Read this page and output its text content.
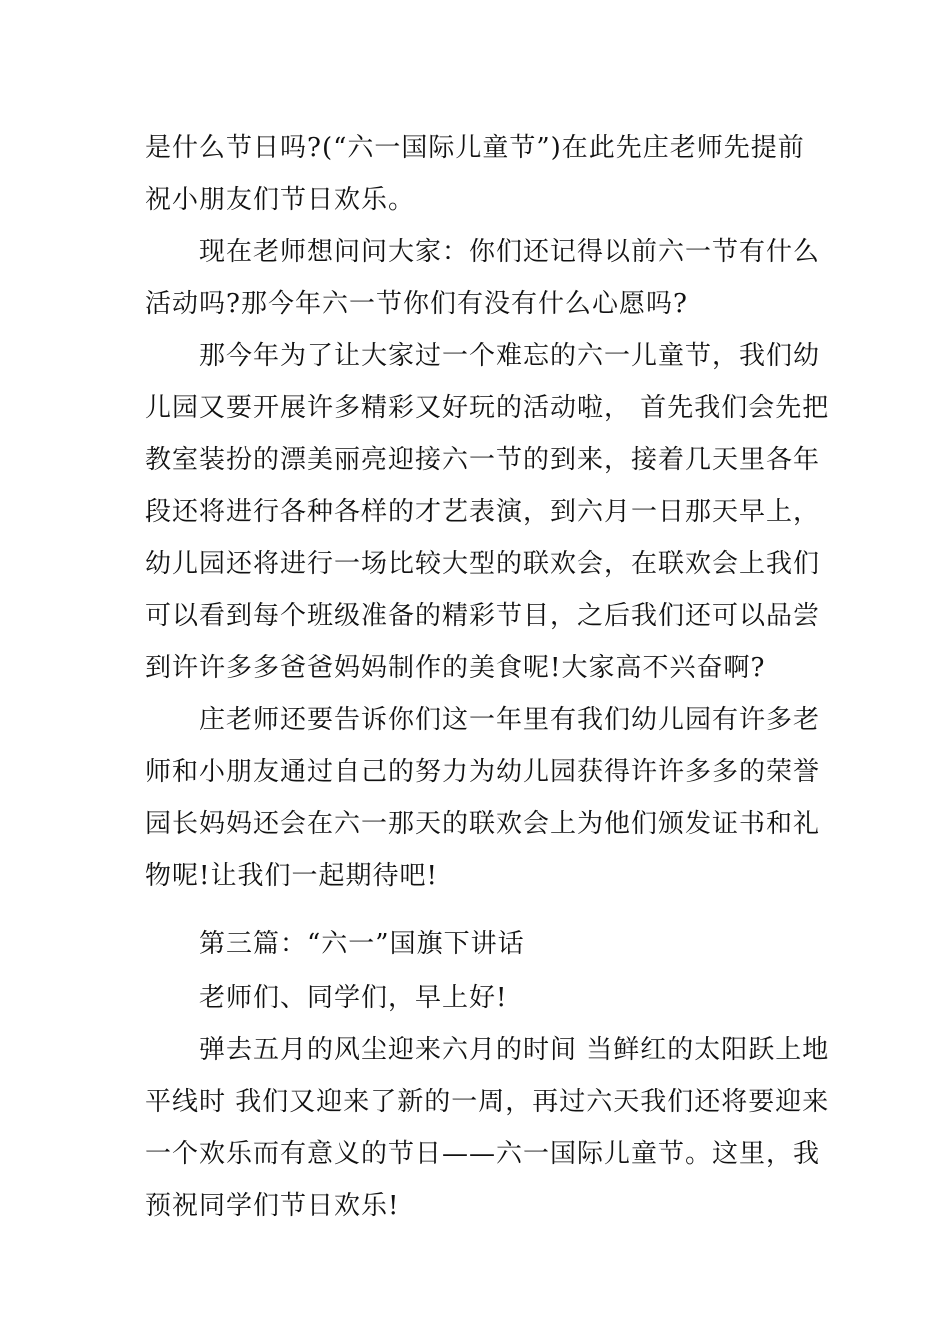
是什么节日吗?(“六一国际儿童节”)在此先庄老师先提前
祝小朋友们节日欢乐。
现在老师想问问大家：你们还记得以前六一节有什么
活动吗?那今年六一节你们有没有什么心愿吗?
那今年为了让大家过一个难忘的六一儿童节，我们幼
儿园又要开展许多精彩又好玩的活动啦， 首先我们会先把
教室装扮的漂美丽亮迎接六一节的到来，接着几天里各年
段还将进行各种各样的才艺表演，到六月一日那天早上，
幼儿园还将进行一场比较大型的联欢会，在联欢会上我们
可以看到每个班级准备的精彩节目，之后我们还可以品尝
到许许多多爸爸妈妈制作的美食呢!大家高不兴奋啊?
庄老师还要告诉你们这一年里有我们幼儿园有许多老
师和小朋友通过自己的努力为幼儿园获得许许多多的荣誉
园长妈妈还会在六一那天的联欢会上为他们颁发证书和礼
物呢!让我们一起期待吧!
第三篇：“六一”国旗下讲话
老师们、同学们，早上好!
弹去五月的风尘迎来六月的时间 当鲜红的太阳跃上地
平线时 我们又迎来了新的一周，再过六天我们还将要迎来
一个欢乐而有意义的节日——六一国际儿童节。这里，我
预祝同学们节日欢乐!
